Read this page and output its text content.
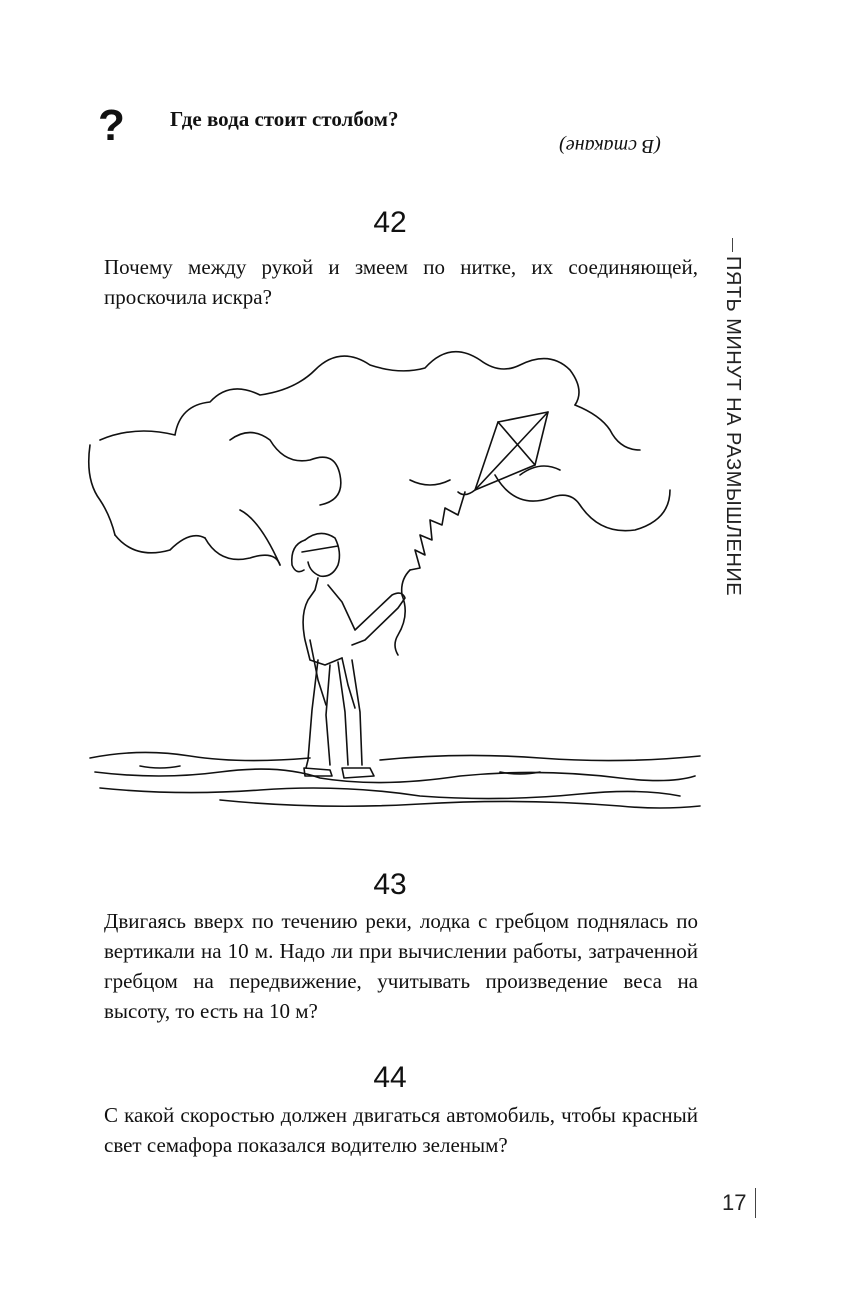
? Где вода стоит столбом?
(В стакане)
42
Почему между рукой и змеем по нитке, их соединяющей, проскочила искра?
43
Двигаясь вверх по течению реки, лодка с гребцом поднялась по вертикали на 10 м. Надо ли при вычислении работы, затраченной гребцом на передвижение, учитывать произведение веса на высоту, то есть на 10 м?
44
С какой скоростью должен двигаться автомобиль, чтобы красный свет семафора показался водителю зеленым?
ПЯТЬ МИНУТ НА РАЗМЫШЛЕНИЕ
17
